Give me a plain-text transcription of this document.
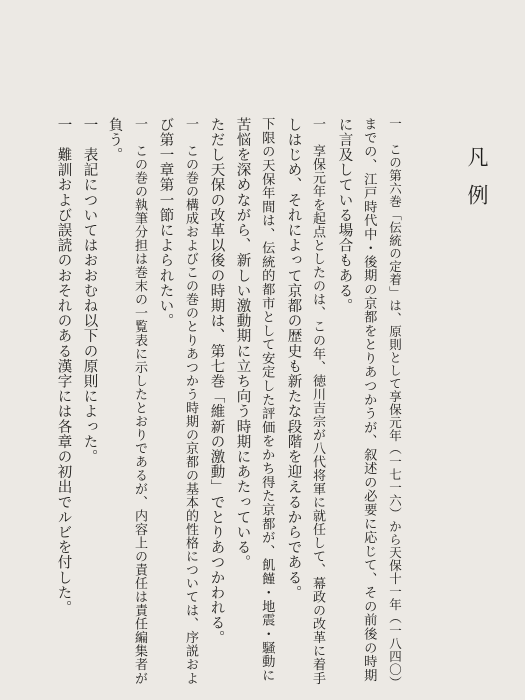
凡
例
一　この第六巻「伝統の定着」は、原則として享保元年（一七一六）から天保十一年（一八四〇）
までの、江戸時代中・後期の京都をとりあつかうが、叙述の必要に応じて、その前後の時期
に言及している場合もある。
一　享保元年を起点としたのは、この年、徳川吉宗が八代将軍に就任して、幕政の改革に着手
しはじめ、それによって京都の歴史も新たな段階を迎えるからである。
下限の天保年間は、伝統的都市として安定した評価をかち得た京都が、飢饉・地震・騒動に
苦悩を深めながら、新しい激動期に立ち向う時期にあたっている。
ただし天保の改革以後の時期は、第七巻「維新の激動」でとりあつかわれる。
一　この巻の構成およびこの巻のとりあつかう時期の京都の基本的性格については、序説およ
び第一章第一節によられたい。
一　この巻の執筆分担は巻末の一覧表に示したとおりであるが、内容上の責任は責任編集者が
負う。
一　表記についてはおおむね以下の原則によった。
一　難訓および誤読のおそれのある漢字には各章の初出でルビを付した。
